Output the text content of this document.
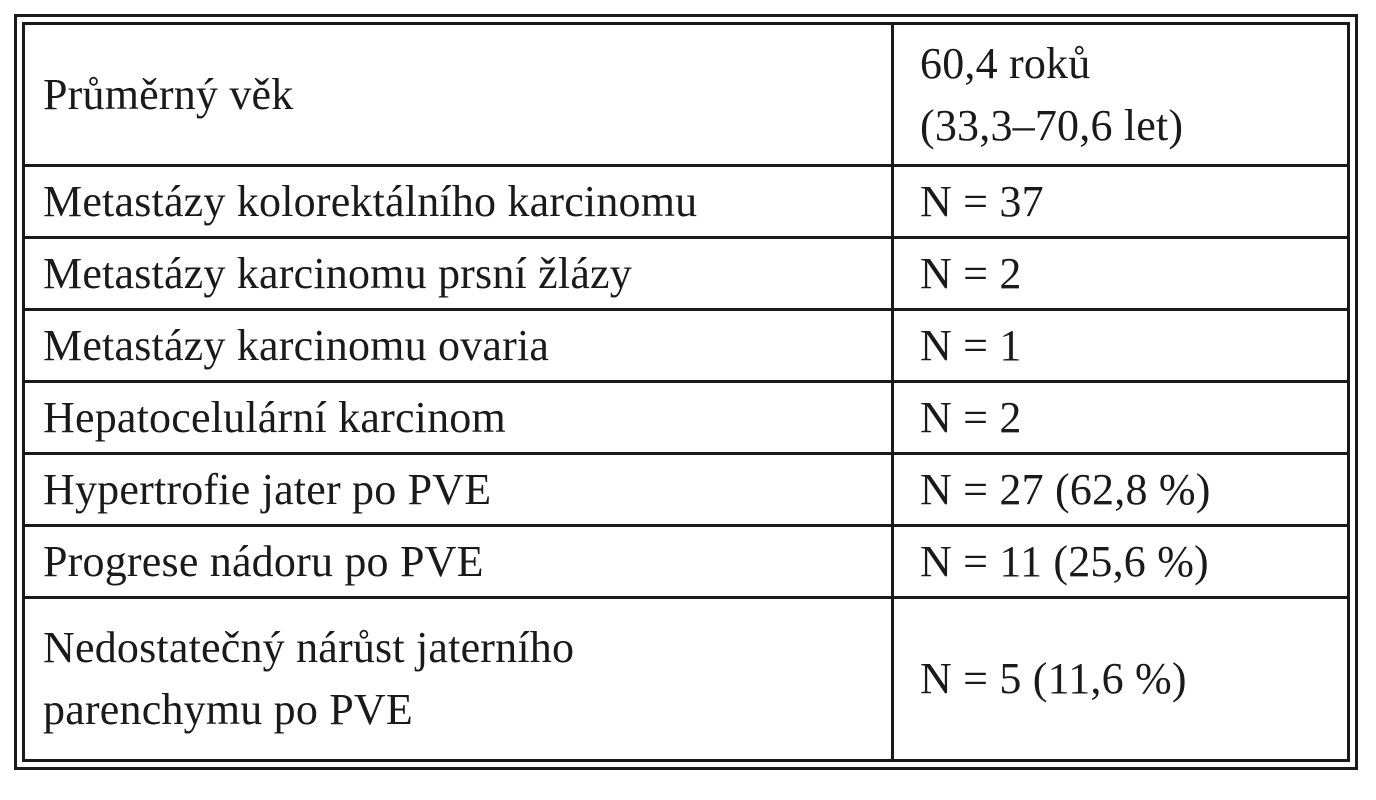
Průměrný věk	60,4 roků
(33,3–70,6 let)

Metastázy kolorektálního karcinomu	N = 37

Metastázy karcinomu prsní žlázy	N = 2

Metastázy karcinomu ovaria	N = 1

Hepatocelulární karcinom	N = 2

Hypertrofie jater po PVE	N = 27 (62,8 %)

Progrese nádoru po PVE	N = 11 (25,6 %)

Nedostatečný nárůst jaterního
parenchymu po PVE	N = 5 (11,6 %)
